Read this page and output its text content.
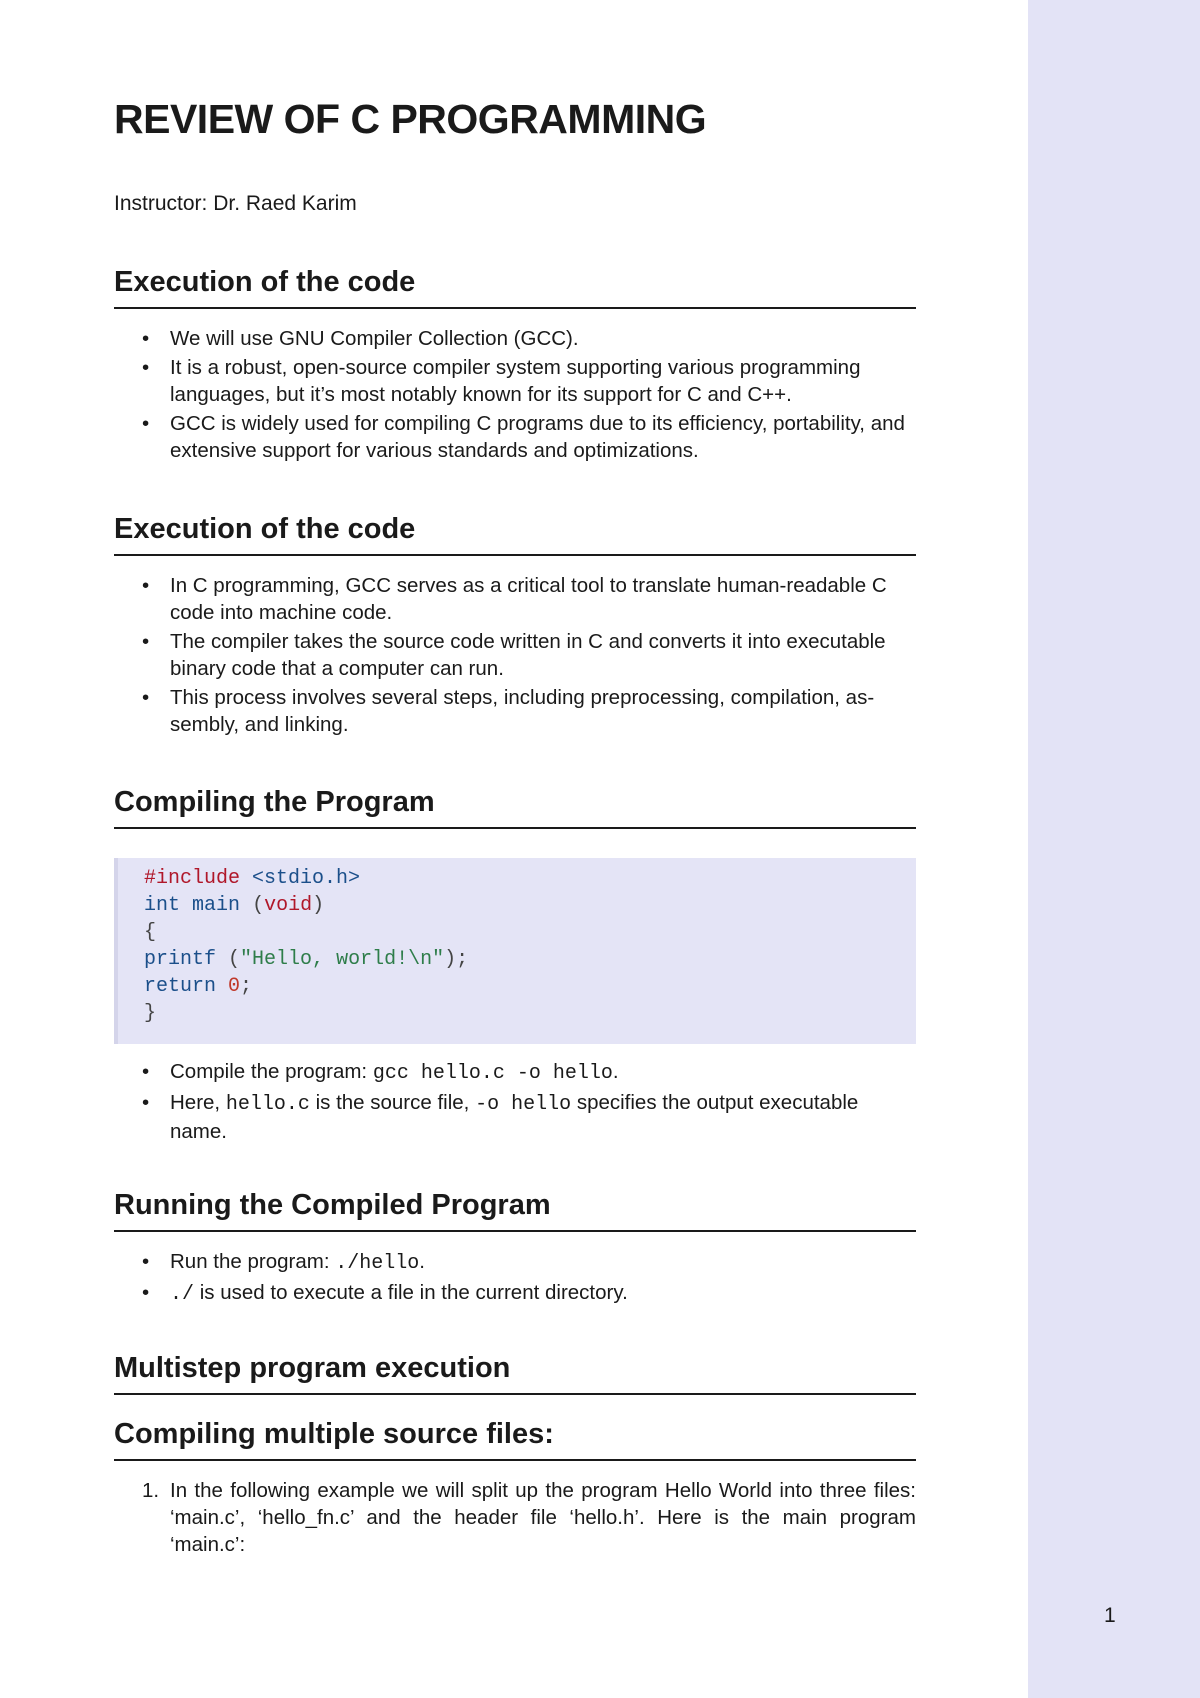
REVIEW OF C PROGRAMMING

Instructor: Dr. Raed Karim

Execution of the code
• We will use GNU Compiler Collection (GCC).
• It is a robust, open-source compiler system supporting various programming languages, but it’s most notably known for its support for C and C++.
• GCC is widely used for compiling C programs due to its efficiency, portability, and extensive support for various standards and optimizations.
Execution of the code
• In C programming, GCC serves as a critical tool to translate human-readable C code into machine code.
• The compiler takes the source code written in C and converts it into executable binary code that a computer can run.
• This process involves several steps, including preprocessing, compilation, as-sembly, and linking.
Compiling the Program
#include <stdio.h>
int main (void)
{
printf ("Hello, world!\n");
return 0;
}
• Compile the program: gcc hello.c -o hello.
• Here, hello.c is the source file, -o hello specifies the output executable name.
Running the Compiled Program
• Run the program: ./hello.
• ./ is used to execute a file in the current directory.
Multistep program execution
Compiling multiple source files:
1. In the following example we will split up the program Hello World into three files: ‘main.c’, ‘hello_fn.c’ and the header file ‘hello.h’. Here is the main program ‘main.c’:
1
